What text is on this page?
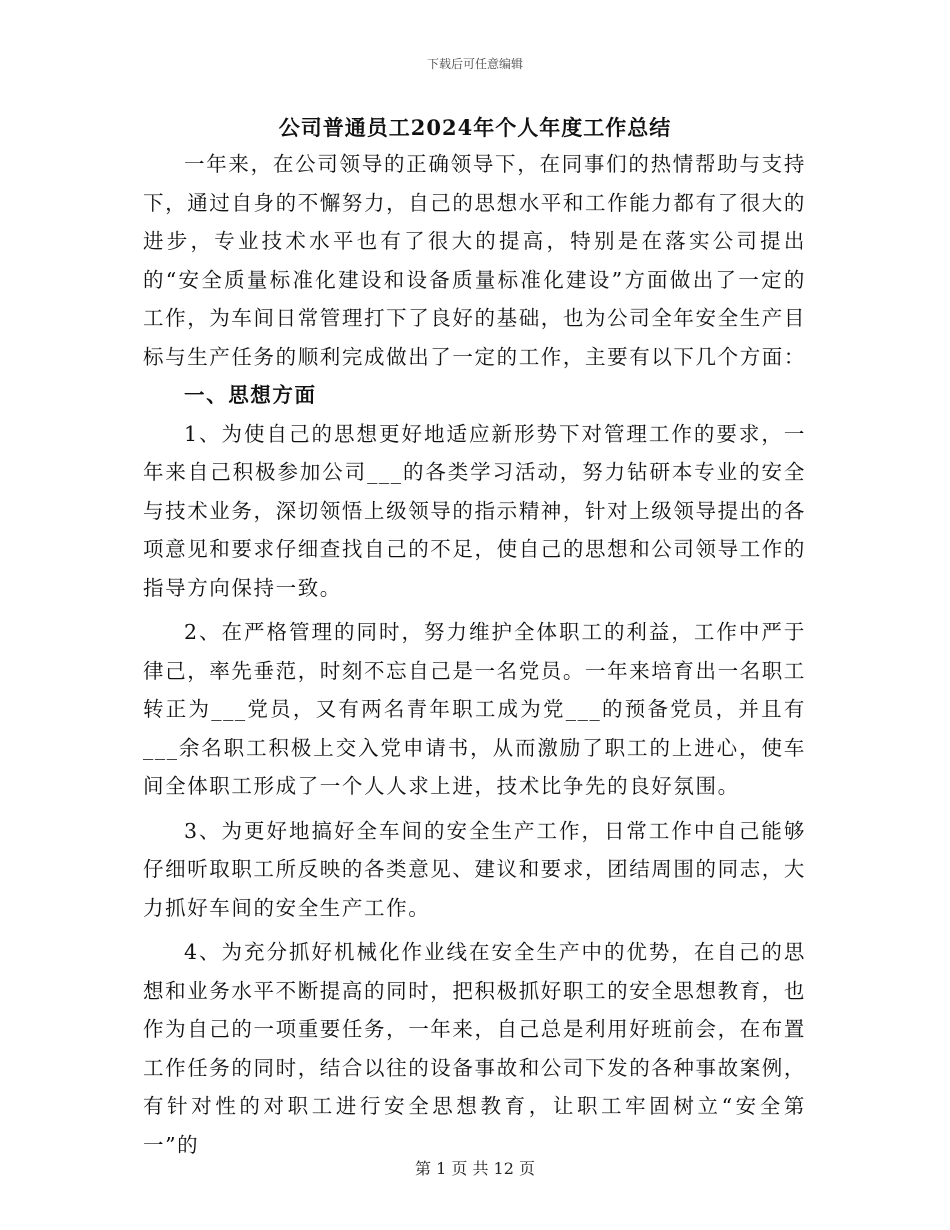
下载后可任意编辑
公司普通员工2024年个人年度工作总结

一年来，在公司领导的正确领导下，在同事们的热情帮助与支持下，通过自身的不懈努力，自己的思想水平和工作能力都有了很大的进步，专业技术水平也有了很大的提高，特别是在落实公司提出的“安全质量标准化建设和设备质量标准化建设”方面做出了一定的工作，为车间日常管理打下了良好的基础，也为公司全年安全生产目标与生产任务的顺利完成做出了一定的工作，主要有以下几个方面：

一、思想方面

1、为使自己的思想更好地适应新形势下对管理工作的要求，一年来自己积极参加公司___的各类学习活动，努力钻研本专业的安全与技术业务，深切领悟上级领导的指示精神，针对上级领导提出的各项意见和要求仔细查找自己的不足，使自己的思想和公司领导工作的指导方向保持一致。

2、在严格管理的同时，努力维护全体职工的利益，工作中严于律己，率先垂范，时刻不忘自己是一名党员。一年来培育出一名职工转正为___党员，又有两名青年职工成为党___的预备党员，并且有___余名职工积极上交入党申请书，从而激励了职工的上进心，使车间全体职工形成了一个人人求上进，技术比争先的良好氛围。

3、为更好地搞好全车间的安全生产工作，日常工作中自己能够仔细听取职工所反映的各类意见、建议和要求，团结周围的同志，大力抓好车间的安全生产工作。

4、为充分抓好机械化作业线在安全生产中的优势，在自己的思想和业务水平不断提高的同时，把积极抓好职工的安全思想教育，也作为自己的一项重要任务，一年来，自己总是利用好班前会，在布置工作任务的同时，结合以往的设备事故和公司下发的各种事故案例，有针对性的对职工进行安全思想教育，让职工牢固树立“安全第一”的

第 1 页 共 12 页
